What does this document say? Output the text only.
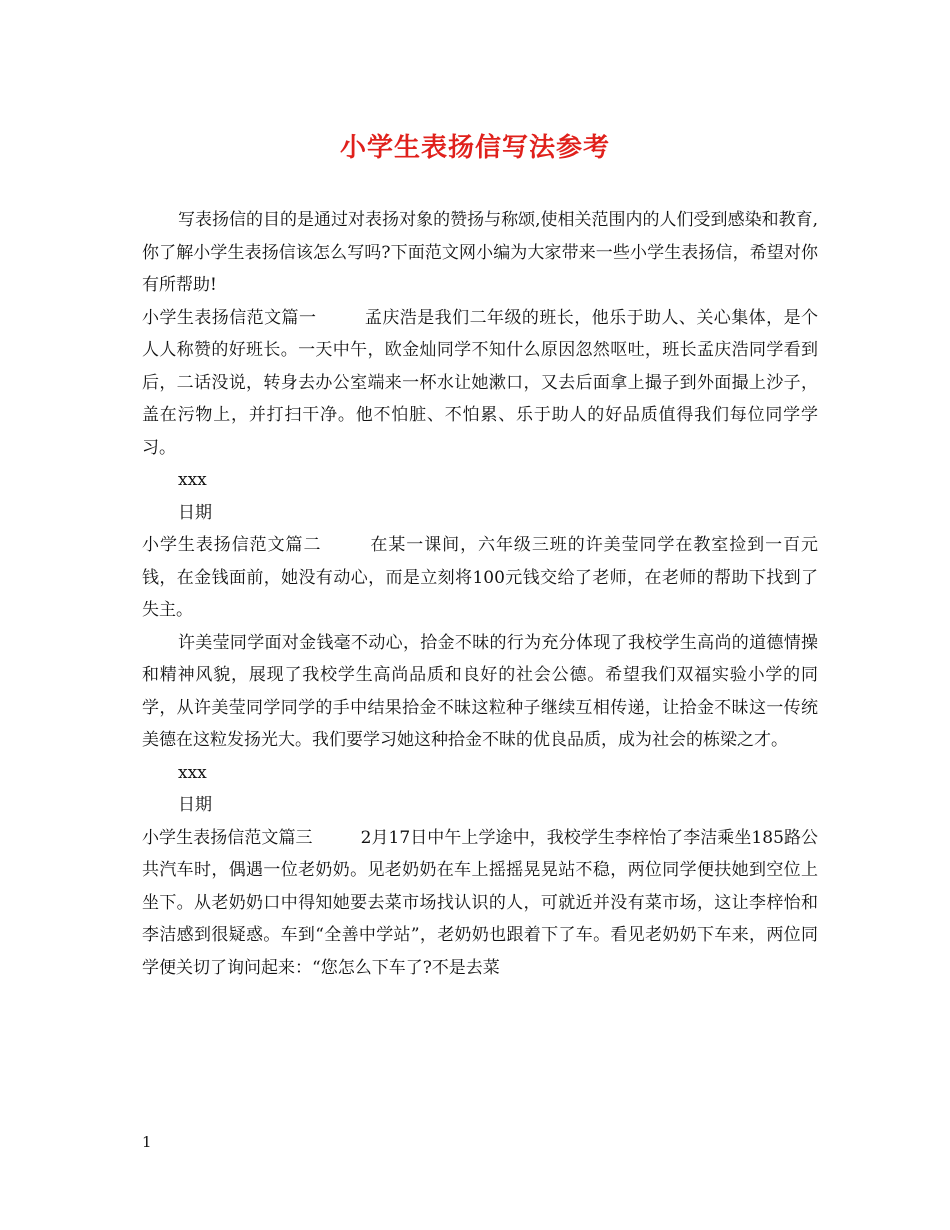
小学生表扬信写法参考

写表扬信的目的是通过对表扬对象的赞扬与称颂,使相关范围内的人们受到感染和教育,你了解小学生表扬信该怎么写吗?下面范文网小编为大家带来一些小学生表扬信，希望对你有所帮助!

小学生表扬信范文篇一	孟庆浩是我们二年级的班长，他乐于助人、关心集体，是个人人称赞的好班长。一天中午，欧金灿同学不知什么原因忽然呕吐，班长孟庆浩同学看到后，二话没说，转身去办公室端来一杯水让她漱口，又去后面拿上撮子到外面撮上沙子，盖在污物上，并打扫干净。他不怕脏、不怕累、乐于助人的好品质值得我们每位同学学习。

xxx

日期

小学生表扬信范文篇二	在某一课间，六年级三班的许美莹同学在教室捡到一百元钱，在金钱面前，她没有动心，而是立刻将100元钱交给了老师，在老师的帮助下找到了失主。

许美莹同学面对金钱毫不动心，拾金不昧的行为充分体现了我校学生高尚的道德情操和精神风貌，展现了我校学生高尚品质和良好的社会公德。希望我们双福实验小学的同学，从许美莹同学同学的手中结果拾金不昧这粒种子继续互相传递，让拾金不昧这一传统美德在这粒发扬光大。我们要学习她这种拾金不昧的优良品质，成为社会的栋梁之才。

xxx

日期

小学生表扬信范文篇三	2月17日中午上学途中，我校学生李梓怡了李洁乘坐185路公共汽车时，偶遇一位老奶奶。见老奶奶在车上摇摇晃晃站不稳，两位同学便扶她到空位上坐下。从老奶奶口中得知她要去菜市场找认识的人，可就近并没有菜市场，这让李梓怡和李洁感到很疑惑。车到“全善中学站”，老奶奶也跟着下了车。看见老奶奶下车来，两位同学便关切了询问起来：“您怎么下车了?不是去菜

1
